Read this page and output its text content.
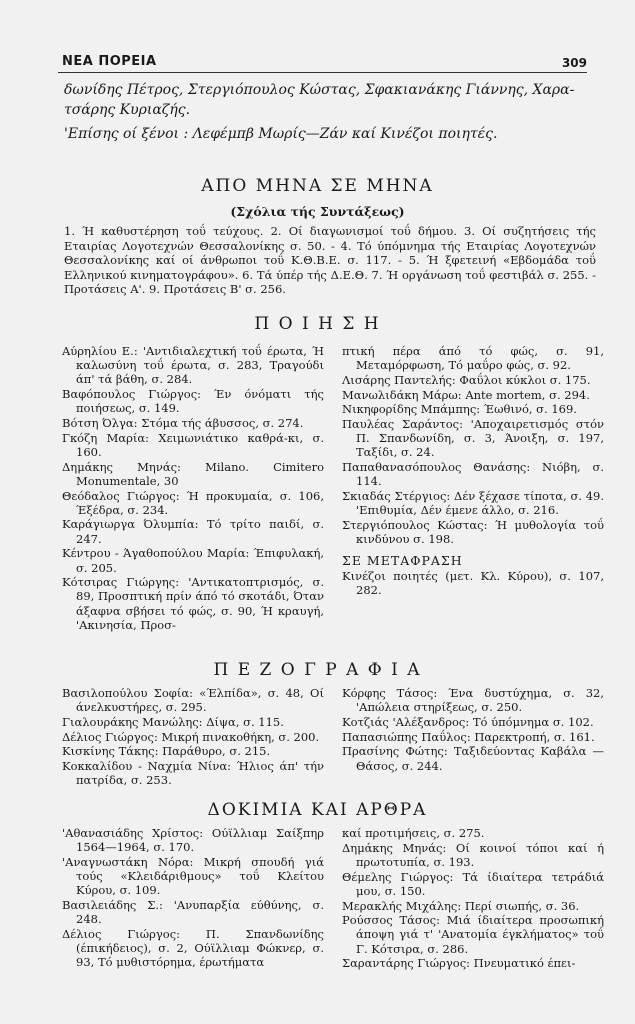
ΝΕΑ ΠΟΡΕΙΑ	309
δωνίδης Πέτρος, Στεργιόπουλος Κώστας, Σφακιανάκης Γιάννης, Χαρα-
τσάρης Κυριαζής.
'Επίσης οί ξένοι : Λεφέμπβ Μωρίς—Ζάν καί Κινέζοι ποιητές.
ΑΠΟ ΜΗΝΑ ΣΕ ΜΗΝΑ
(Σχόλια τής Συντάξεως)
1. Ή καθυστέρηση τοΰ τεύχους. 2. Οί διαγωνισμοί τοΰ δήμου. 3. Οί συζητήσεις τής Εταιρίας Λογοτεχνών Θεσσαλονίκης σ. 50. - 4. Τό ύπόμνημα τής Εταιρίας Λογοτεχνών Θεσσαλονίκης καί οί άνθρωποι τοΰ Κ.Θ.Β.Ε. σ. 117. - 5. Ή ξφετεινή «Εβδομάδα τοΰ Ελληνικού κινηματογράφου». 6. Τά ύπέρ τής Δ.Ε.Θ. 7. Ή οργάνωση τοΰ φεστιβάλ σ. 255. - Προτάσεις Α'. 9. Προτάσεις Β' σ. 256.
Π Ο Ι Η Σ Η
Αύρηλίου Ε.: 'Αντιδιαλεχτική τοΰ έρωτα, Ή καλωσύνη τοΰ έρωτα, σ. 283, Τραγούδι άπ' τά βάθη, σ. 284.
Βαφόπουλος Γιώργος: Έν όνόματι τής ποιήσεως, σ. 149.
Βότση Όλγα: Στόμα τής άβυσσος, σ. 274.
Γκόζη Μαρία: Χειμωνιάτικο καθρά-κι, σ. 160.
Δημάκης Μηνάς: Milano. Cimitero Monumentale, 30
Θεόδαλος Γιώργος: Ή προκυμαία, σ. 106, Έξέδρα, σ. 234.
Καράγιωργα Όλυμπία: Τό τρίτο παιδί, σ. 247.
Κέντρου - Άγαθοπούλου Μαρία: Έπιφυλακή, σ. 205.
Κότσιρας Γιώργης: 'Αντικατοπτρισμός, σ. 89, Προσπτική πρίν άπό τό σκοτάδι, Όταν άξαφνα σβήσει τό φώς, σ. 90, Ή κραυγή, 'Ακινησία, Προσ-
πτική πέρα άπό τό φώς, σ. 91, Μεταμόρφωση, Τό μαΰρο φώς, σ. 92.
Λισάρης Παντελής: Φαΰλοι κύκλοι σ. 175.
Μανωλιδάκη Μάρω: Ante mortem, σ. 294.
Νικηφορίδης Μπάμπης: Έωθινό, σ. 169.
Παυλέας Σαράντος: 'Αποχαιρετισμός στόν Π. Σπανδωνίδη, σ. 3, Άνοιξη, σ. 197, Ταξίδι, σ. 24.
Παπαθανασόπουλος Θανάσης: Νιόβη, σ. 114.
Σκιαδάς Στέργιος: Δέν ξέχασε τίποτα, σ. 49. 'Επιθυμία, Δέν έμενε άλλο, σ. 216.
Στεργιόπουλος Κώστας: Ή μυθολογία τοΰ κινδύνου σ. 198.
ΣΕ ΜΕΤΑΦΡΑΣΗ
Κινέζοι ποιητές (μετ. Κλ. Κύρου), σ. 107, 282.
Π Ε Ζ Ο Γ Ρ Α Φ Ι Α
Βασιλοπούλου Σοφία: «Έλπίδα», σ. 48, Οί άνελκυστήρες, σ. 295.
Γιαλουράκης Μανώλης: Δίψα, σ. 115.
Δέλιος Γιώργος: Μικρή πινακοθήκη, σ. 200.
Κισκίνης Τάκης: Παράθυρο, σ. 215.
Κοκκαλίδου - Ναχμία Νίνα: Ήλιος άπ' τήν πατρίδα, σ. 253.
Κόρφης Τάσος: Ένα δυστύχημα, σ. 32, 'Απώλεια στηρίξεως, σ. 250.
Κοτζιάς 'Αλέξανδρος: Τό ύπόμνημα σ. 102.
Παπασιώπης Παΰλος: Παρεκτροπή, σ. 161.
Πρασίνης Φώτης: Ταξιδεύοντας Καβάλα — Θάσος, σ. 244.
ΔΟΚΙΜΙΑ ΚΑΙ ΑΡΘΡΑ
'Αθανασιάδης Χρίστος: Ούϊλλιαμ Σαίξπηρ 1564—1964, σ. 170.
'Αναγνωστάκη Νόρα: Μικρή σπουδή γιά τούς «Κλειδάριθμους» τοΰ Κλείτου Κύρου, σ. 109.
Βασιλειάδης Σ.: 'Ανυπαρξία εύθύνης, σ. 248.
Δέλιος Γιώργος: Π. Σπανδωνίδης (έπικήδειος), σ. 2, Ούϊλλιαμ Φώκνερ, σ. 93, Τό μυθιστόρημα, έρωτήματα
καί προτιμήσεις, σ. 275.
Δημάκης Μηνάς: Οί κοινοί τόποι καί ή πρωτοτυπία, σ. 193.
Θέμελης Γιώργος: Τά ίδιαίτερα τετράδιά μου, σ. 150.
Μερακλής Μιχάλης: Περί σιωπής, σ. 36.
Ρούσσος Τάσος: Μιά ίδιαίτερα προσωπική άποψη γιά τ' 'Ανατομία έγκλήματος» τοΰ Γ. Κότσιρα, σ. 286.
Σαραντάρης Γιώργος: Πνευματικό έπει-
